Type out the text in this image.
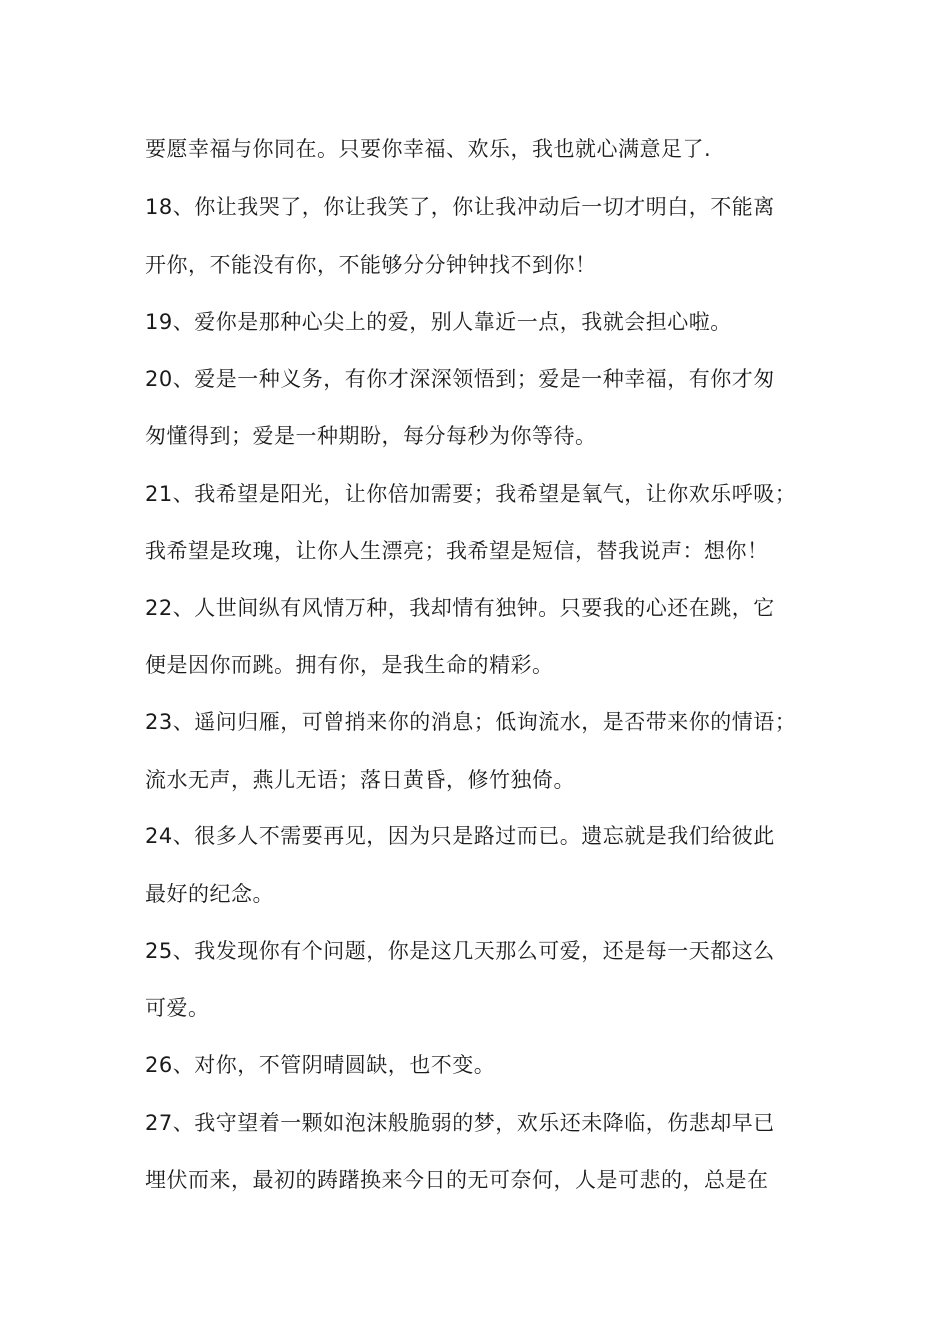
要愿幸福与你同在。只要你幸福、欢乐，我也就心满意足了.
18、你让我哭了，你让我笑了，你让我冲动后一切才明白，不能离
开你，不能没有你，不能够分分钟钟找不到你！
19、爱你是那种心尖上的爱，别人靠近一点，我就会担心啦。
20、爱是一种义务，有你才深深领悟到；爱是一种幸福，有你才匆
匆懂得到；爱是一种期盼，每分每秒为你等待。
21、我希望是阳光，让你倍加需要；我希望是氧气，让你欢乐呼吸；
我希望是玫瑰，让你人生漂亮；我希望是短信，替我说声：想你！
22、人世间纵有风情万种，我却情有独钟。只要我的心还在跳，它
便是因你而跳。拥有你，是我生命的精彩。
23、遥问归雁，可曾捎来你的消息；低询流水，是否带来你的情语；
流水无声，燕儿无语；落日黄昏，修竹独倚。
24、很多人不需要再见，因为只是路过而已。遗忘就是我们给彼此
最好的纪念。
25、我发现你有个问题，你是这几天那么可爱，还是每一天都这么
可爱。
26、对你，不管阴晴圆缺，也不变。
27、我守望着一颗如泡沫般脆弱的梦，欢乐还未降临，伤悲却早已
埋伏而来，最初的踌躇换来今日的无可奈何，人是可悲的，总是在
